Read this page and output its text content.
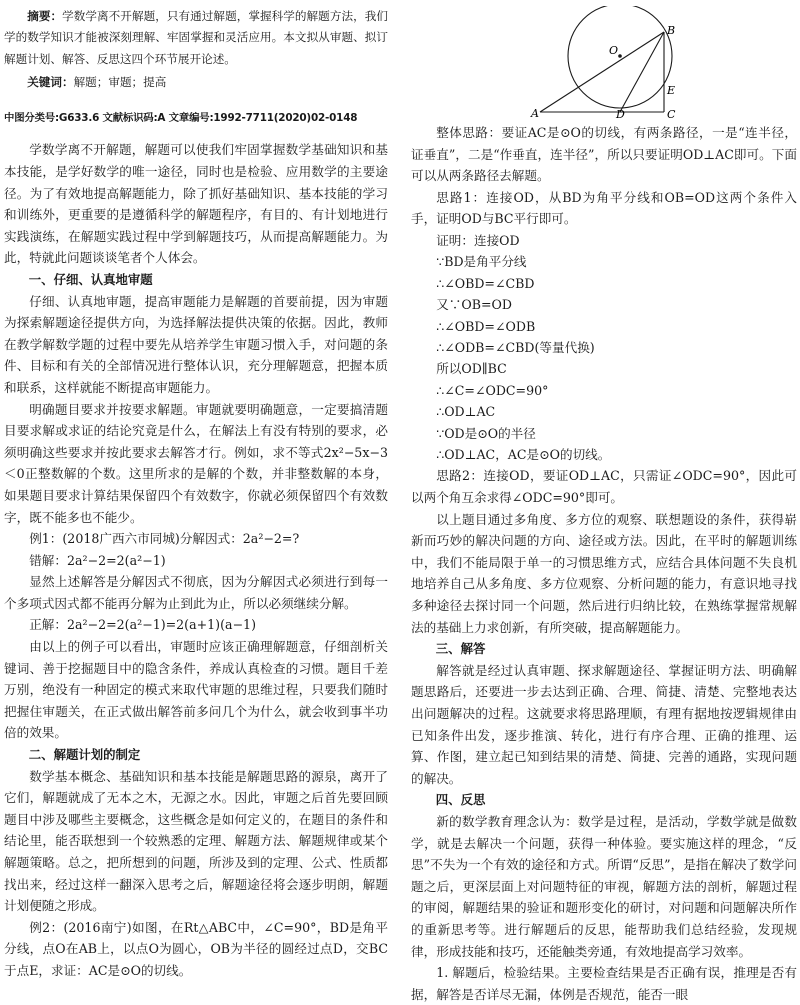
摘要：学数学离不开解题，只有通过解题，掌握科学的解题方法，我们学的数学知识才能被深刻理解、牢固掌握和灵活应用。本文拟从审题、拟订解题计划、解答、反思这四个环节展开论述。

关键词：解题；审题；提高

中图分类号:G633.6 文献标识码:A 文章编号:1992-7711(2020)02-0148

学数学离不开解题，解题可以使我们牢固掌握数学基础知识和基本技能，是学好数学的唯一途径，同时也是检验、应用数学的主要途径。为了有效地提高解题能力，除了抓好基础知识、基本技能的学习和训练外，更重要的是遵循科学的解题程序，有目的、有计划地进行实践演练，在解题实践过程中学到解题技巧，从而提高解题能力。为此，特就此问题谈谈笔者个人体会。

一、仔细、认真地审题

仔细、认真地审题，提高审题能力是解题的首要前提，因为审题为探索解题途径提供方向，为选择解法提供决策的依据。因此，教师在教学解数学题的过程中要先从培养学生审题习惯入手，对问题的条件、目标和有关的全部情况进行整体认识，充分理解题意，把握本质和联系，这样就能不断提高审题能力。

明确题目要求并按要求解题。审题就要明确题意，一定要搞清题目要求解或求证的结论究竟是什么，在解法上有没有特别的要求，必须明确这些要求并按此要求去解答才行。例如，求不等式2x²−5x−3＜0正整数解的个数。这里所求的是解的个数，并非整数解的本身，如果题目要求计算结果保留四个有效数字，你就必须保留四个有效数字，既不能多也不能少。

例1：(2018广西六市同城)分解因式：2a²−2=?

错解：2a²−2=2(a²−1)

显然上述解答是分解因式不彻底，因为分解因式必须进行到每一个多项式因式都不能再分解为止到此为止，所以必须继续分解。

正解：2a²−2=2(a²−1)=2(a+1)(a−1)

由以上的例子可以看出，审题时应该正确理解题意，仔细剖析关键词、善于挖掘题目中的隐含条件，养成认真检查的习惯。题目千差万别，绝没有一种固定的模式来取代审题的思维过程，只要我们随时把握住审题关，在正式做出解答前多问几个为什么，就会收到事半功倍的效果。

二、解题计划的制定

数学基本概念、基础知识和基本技能是解题思路的源泉，离开了它们，解题就成了无本之木，无源之水。因此，审题之后首先要回顾题目中涉及哪些主要概念，这些概念是如何定义的，在题目的条件和结论里，能否联想到一个较熟悉的定理、解题方法、解题规律或某个解题策略。总之，把所想到的问题，所涉及到的定理、公式、性质都找出来，经过这样一翻深入思考之后，解题途径将会逐步明朗，解题计划便随之形成。

例2：(2016南宁)如图，在Rt△ABC中，∠C=90°，BD是角平分线，点O在AB上，以点O为圆心，OB为半径的圆经过点D，交BC于点E，求证：AC是⊙O的切线。

B
O
E
A	D	C

整体思路：要证AC是⊙O的切线，有两条路径，一是“连半径，证垂直”，二是“作垂直，连半径”，所以只要证明OD⊥AC即可。下面可以从两条路径去解题。

思路1：连接OD，从BD为角平分线和OB=OD这两个条件入手，证明OD与BC平行即可。

证明：连接OD

∵BD是角平分线

∴∠OBD=∠CBD

又∵OB=OD

∴∠OBD=∠ODB

∴∠ODB=∠CBD(等量代换)

所以OD∥BC

∴∠C=∠ODC=90°

∴OD⊥AC

∵OD是⊙O的半径

∴OD⊥AC，AC是⊙O的切线。

思路2：连接OD，要证OD⊥AC，只需证∠ODC=90°，因此可以两个角互余求得∠ODC=90°即可。

以上题目通过多角度、多方位的观察、联想题设的条件，获得崭新而巧妙的解决问题的方向、途径或方法。因此，在平时的解题训练中，我们不能局限于单一的习惯思维方式，应结合具体问题不失良机地培养自己从多角度、多方位观察、分析问题的能力，有意识地寻找多种途径去探讨同一个问题，然后进行归纳比较，在熟练掌握常规解法的基础上力求创新，有所突破，提高解题能力。

三、解答

解答就是经过认真审题、探求解题途径、掌握证明方法、明确解题思路后，还要进一步去达到正确、合理、简捷、清楚、完整地表达出问题解决的过程。这就要求将思路理顺，有理有据地按逻辑规律由已知条件出发，逐步推演、转化，进行有序合理、正确的推理、运算、作图，建立起已知到结果的清楚、简捷、完善的通路，实现问题的解决。

四、反思

新的数学教育理念认为：数学是过程，是活动，学数学就是做数学，就是去解决一个问题，获得一种体验。要实施这样的理念，“反思”不失为一个有效的途径和方式。所谓“反思”，是指在解决了数学问题之后，更深层面上对问题特征的审视，解题方法的剖析，解题过程的审阅，解题结果的验证和题形变化的研讨，对问题和问题解决所作的重新思考等。进行解题后的反思，能帮助我们总结经验，发现规律，形成技能和技巧，还能触类旁通，有效地提高学习效率。

1. 解题后，检验结果。主要检查结果是否正确有误，推理是否有据，解答是否详尽无漏，体例是否规范，能否一眼
